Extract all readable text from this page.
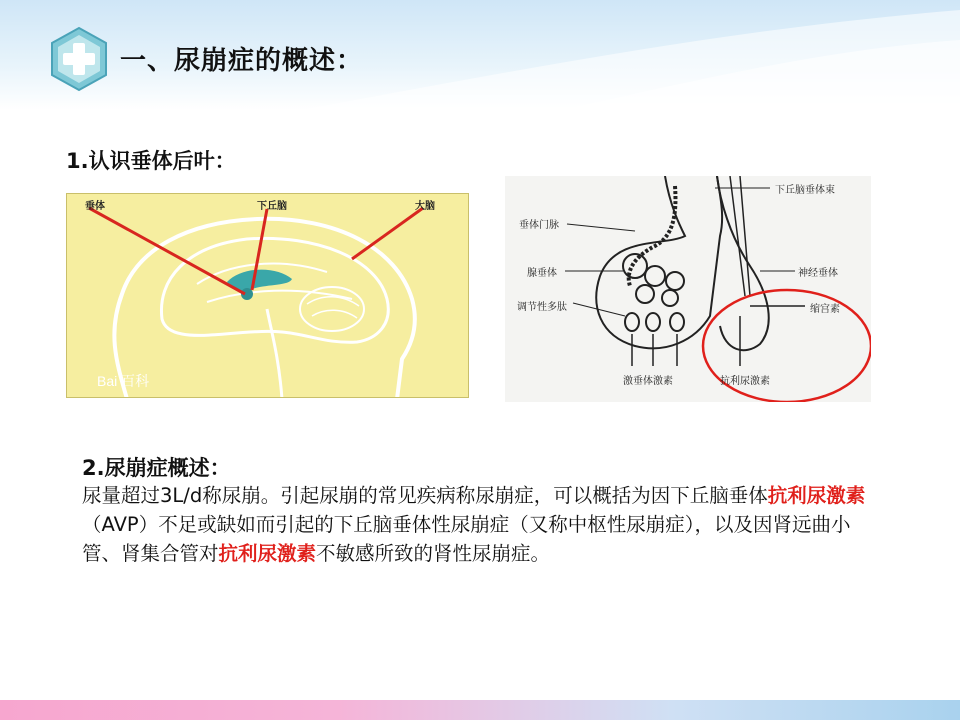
一、尿崩症的概述：
1.认识垂体后叶：
Bai 百科
垂体	下丘脑	大脑
下丘脑垂体束
垂体门脉
腺垂体	神经垂体
调节性多肽	缩宫素
激垂体激素	抗利尿激素
2.尿崩症概述：
尿量超过3L/d称尿崩。引起尿崩的常见疾病称尿崩症，可以概括为因下丘脑垂体抗利尿激素（AVP）不足或缺如而引起的下丘脑垂体性尿崩症（又称中枢性尿崩症），以及因肾远曲小管、肾集合管对抗利尿激素不敏感所致的肾性尿崩症。
